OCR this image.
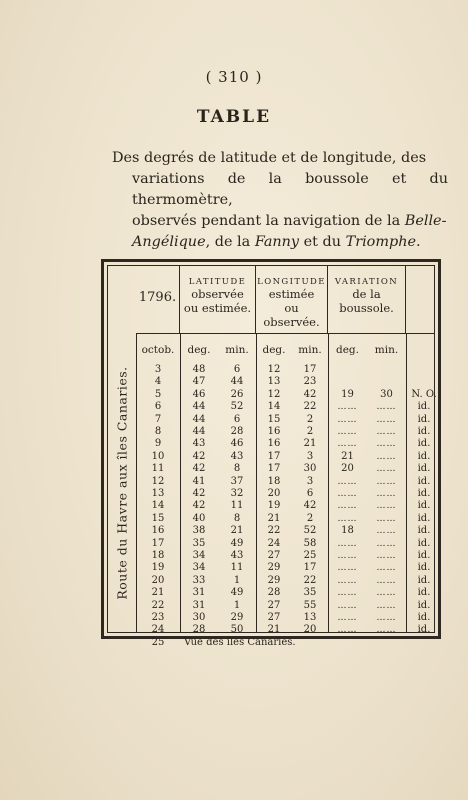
( 310 )
TABLE
Des degrés de latitude et de longitude, des
variations de la boussole et du thermomètre,
observés pendant la navigation de la Belle-
Angélique, de la Fanny et du Triomphe.
1796.
LATITUDE
observée
ou estimée.
LONGITUDE
estimée
ou observée.
VARIATION
de la
boussole.
Route du Havre aux îles Canaries.
octob.	deg.	min.	deg.	min.	deg.	min.
3	48	6	12	17
4	47	44	13	23
5	46	26	12	42	19	30	N. O.
6	44	52	14	22	……	……	id.
7	44	6	15	2	……	……	id.
8	44	28	16	2	……	……	id.
9	43	46	16	21	……	……	id.
10	42	43	17	3	21	……	id.
11	42	8	17	30	20	……	id.
12	41	37	18	3	……	……	id.
13	42	32	20	6	……	……	id.
14	42	11	19	42	……	……	id.
15	40	8	21	2	……	……	id.
16	38	21	22	52	18	……	id.
17	35	49	24	58	……	……	id.
18	34	43	27	25	……	……	id.
19	34	11	29	17	……	……	id.
20	33	1	29	22	……	……	id.
21	31	49	28	35	……	……	id.
22	31	1	27	55	……	……	id.
23	30	29	27	13	……	……	id.
24	28	50	21	20	……	……	id.
25	Vue des îles Canaries.
